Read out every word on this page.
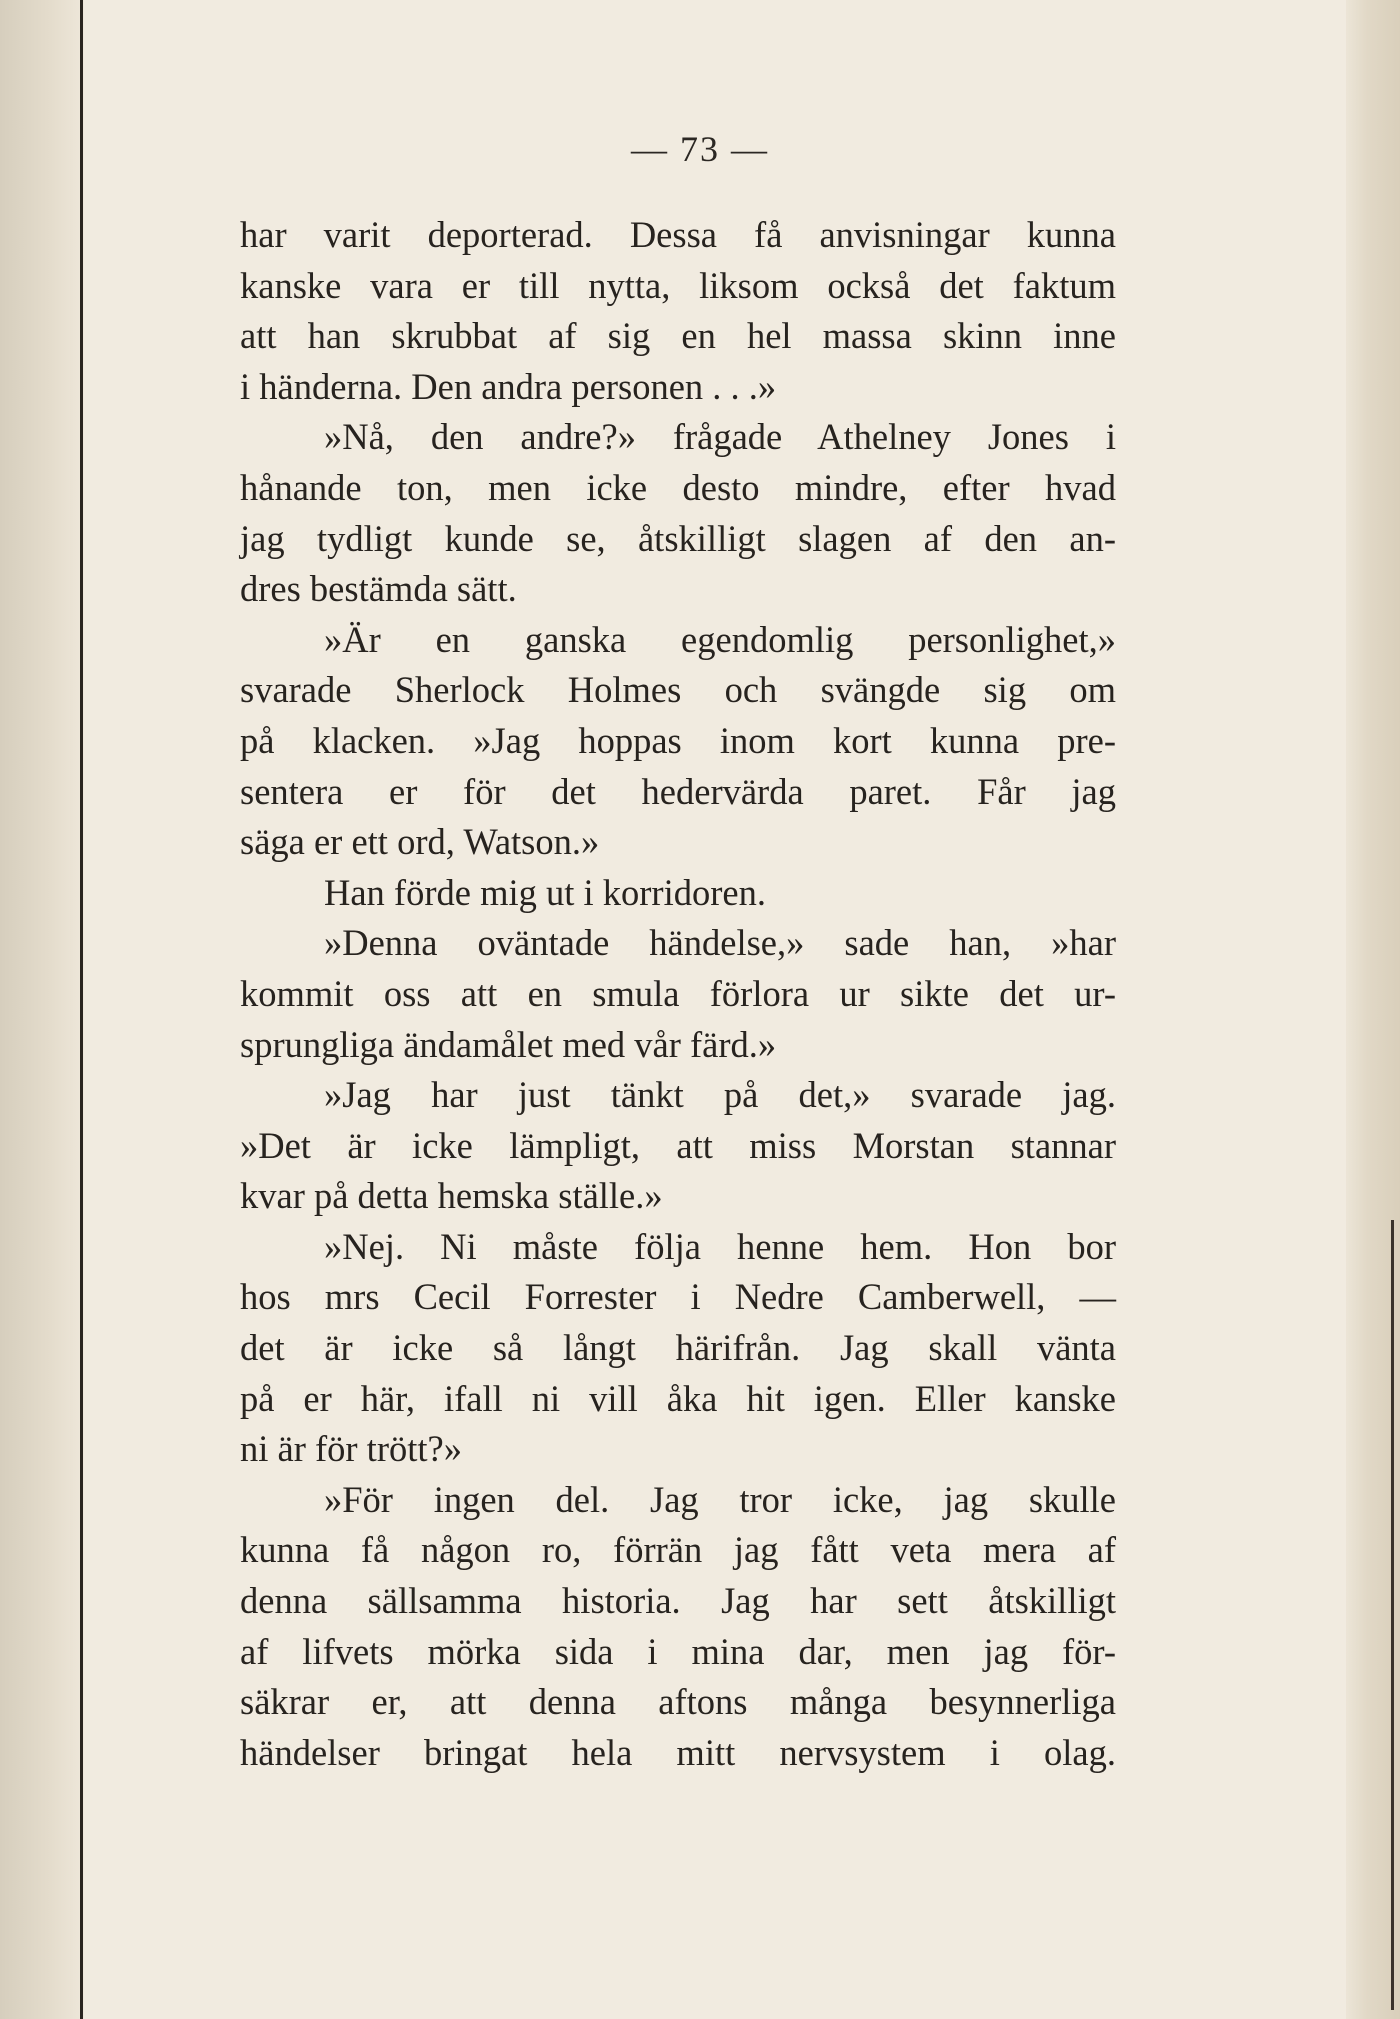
— 73 —
har varit deporterad. Dessa få anvisningar kunna
kanske vara er till nytta, liksom också det faktum
att han skrubbat af sig en hel massa skinn inne
i händerna. Den andra personen . . .»
»Nå, den andre?» frågade Athelney Jones i
hånande ton, men icke desto mindre, efter hvad
jag tydligt kunde se, åtskilligt slagen af den an-
dres bestämda sätt.
»Är en ganska egendomlig personlighet,»
svarade Sherlock Holmes och svängde sig om
på klacken. »Jag hoppas inom kort kunna pre-
sentera er för det hedervärda paret. Får jag
säga er ett ord, Watson.»
Han förde mig ut i korridoren.
»Denna oväntade händelse,» sade han, »har
kommit oss att en smula förlora ur sikte det ur-
sprungliga ändamålet med vår färd.»
»Jag har just tänkt på det,» svarade jag.
»Det är icke lämpligt, att miss Morstan stannar
kvar på detta hemska ställe.»
»Nej. Ni måste följa henne hem. Hon bor
hos mrs Cecil Forrester i Nedre Camberwell, —
det är icke så långt härifrån. Jag skall vänta
på er här, ifall ni vill åka hit igen. Eller kanske
ni är för trött?»
»För ingen del. Jag tror icke, jag skulle
kunna få någon ro, förrän jag fått veta mera af
denna sällsamma historia. Jag har sett åtskilligt
af lifvets mörka sida i mina dar, men jag för-
säkrar er, att denna aftons många besynnerliga
händelser bringat hela mitt nervsystem i olag.
